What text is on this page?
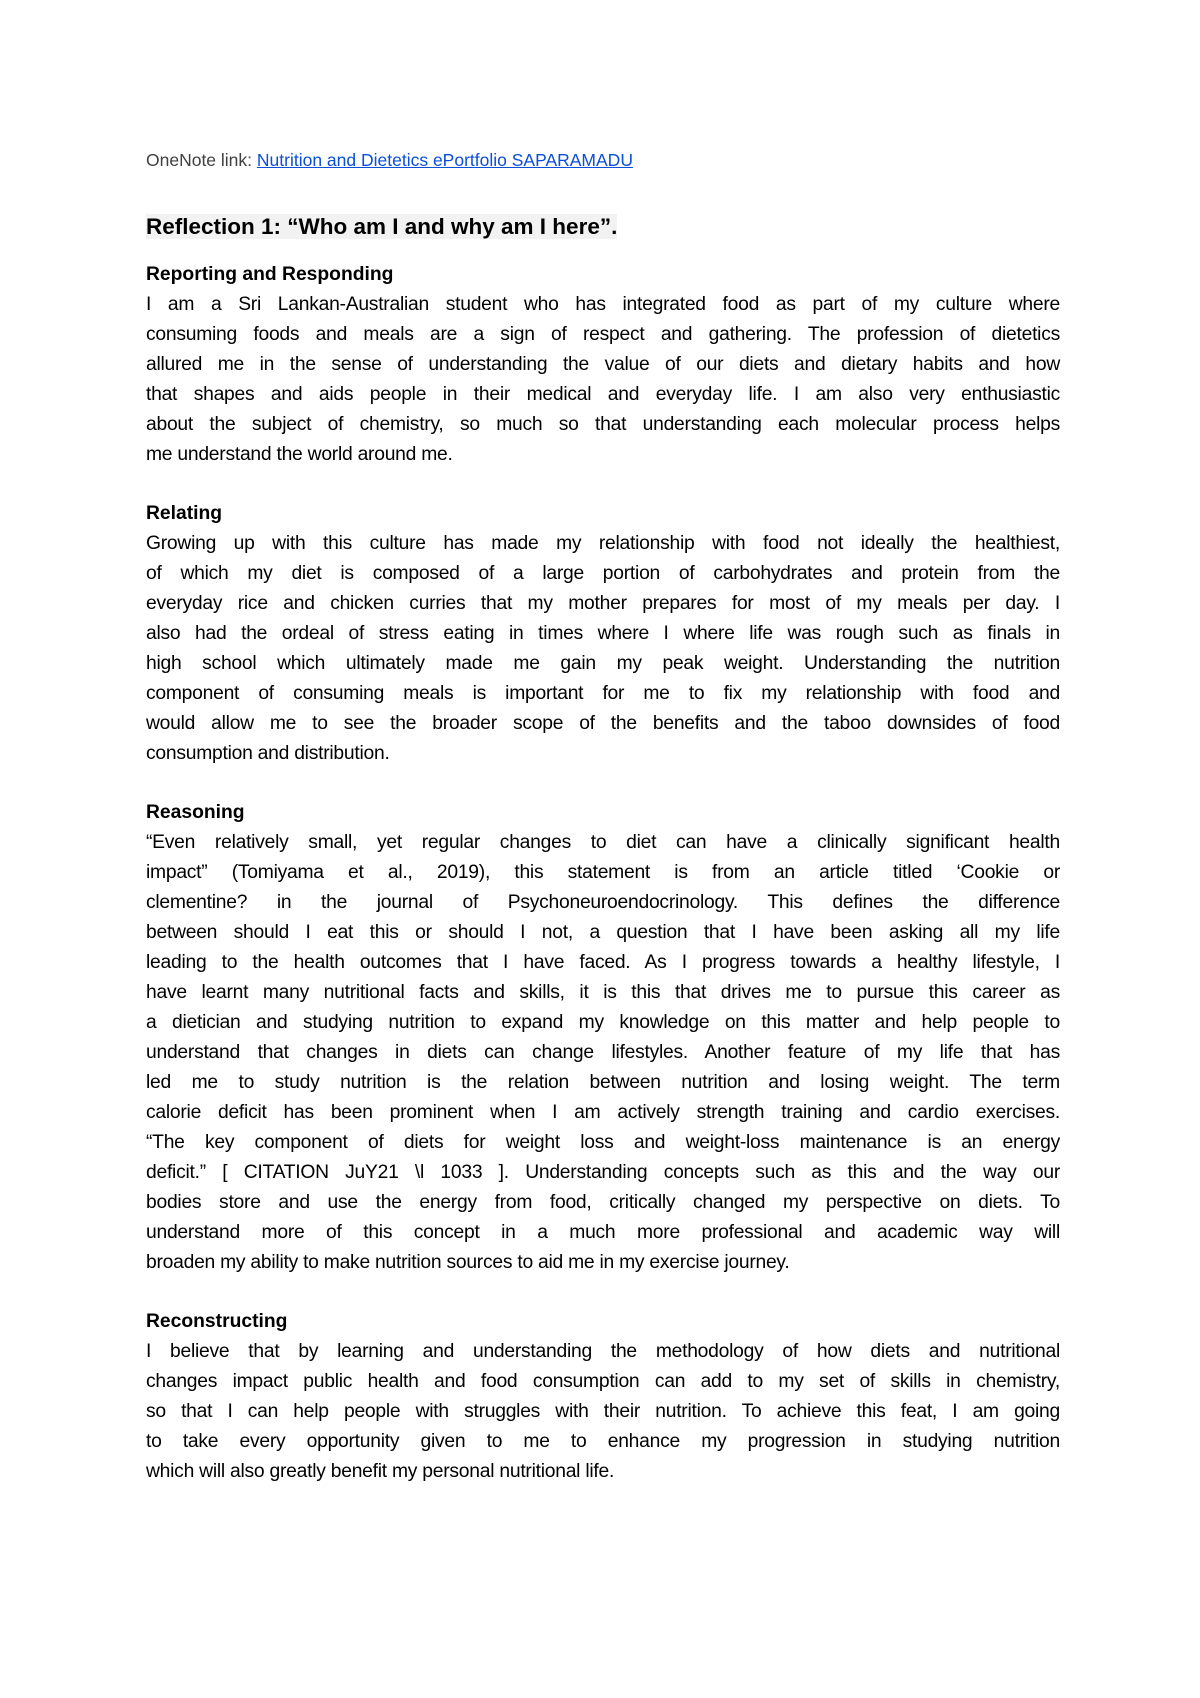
OneNote link: Nutrition and Dietetics ePortfolio SAPARAMADU

Reflection 1: “Who am I and why am I here”.
Reporting and Responding
I am a Sri Lankan-Australian student who has integrated food as part of my culture where
consuming foods and meals are a sign of respect and gathering. The profession of dietetics
allured me in the sense of understanding the value of our diets and dietary habits and how
that shapes and aids people in their medical and everyday life. I am also very enthusiastic
about the subject of chemistry, so much so that understanding each molecular process helps
me understand the world around me.
Relating
Growing up with this culture has made my relationship with food not ideally the healthiest,
of which my diet is composed of a large portion of carbohydrates and protein from the
everyday rice and chicken curries that my mother prepares for most of my meals per day. I
also had the ordeal of stress eating in times where I where life was rough such as finals in
high school which ultimately made me gain my peak weight. Understanding the nutrition
component of consuming meals is important for me to fix my relationship with food and
would allow me to see the broader scope of the benefits and the taboo downsides of food
consumption and distribution.
Reasoning
“Even relatively small, yet regular changes to diet can have a clinically significant health
impact” (Tomiyama et al., 2019), this statement is from an article titled ‘Cookie or
clementine? in the journal of Psychoneuroendocrinology. This defines the difference
between should I eat this or should I not, a question that I have been asking all my life
leading to the health outcomes that I have faced. As I progress towards a healthy lifestyle, I
have learnt many nutritional facts and skills, it is this that drives me to pursue this career as
a dietician and studying nutrition to expand my knowledge on this matter and help people to
understand that changes in diets can change lifestyles. Another feature of my life that has
led me to study nutrition is the relation between nutrition and losing weight. The term
calorie deficit has been prominent when I am actively strength training and cardio exercises.
“The key component of diets for weight loss and weight-loss maintenance is an energy
deficit.” [ CITATION JuY21 \l 1033 ]. Understanding concepts such as this and the way our
bodies store and use the energy from food, critically changed my perspective on diets. To
understand more of this concept in a much more professional and academic way will
broaden my ability to make nutrition sources to aid me in my exercise journey.
Reconstructing
I believe that by learning and understanding the methodology of how diets and nutritional
changes impact public health and food consumption can add to my set of skills in chemistry,
so that I can help people with struggles with their nutrition. To achieve this feat, I am going
to take every opportunity given to me to enhance my progression in studying nutrition
which will also greatly benefit my personal nutritional life.
